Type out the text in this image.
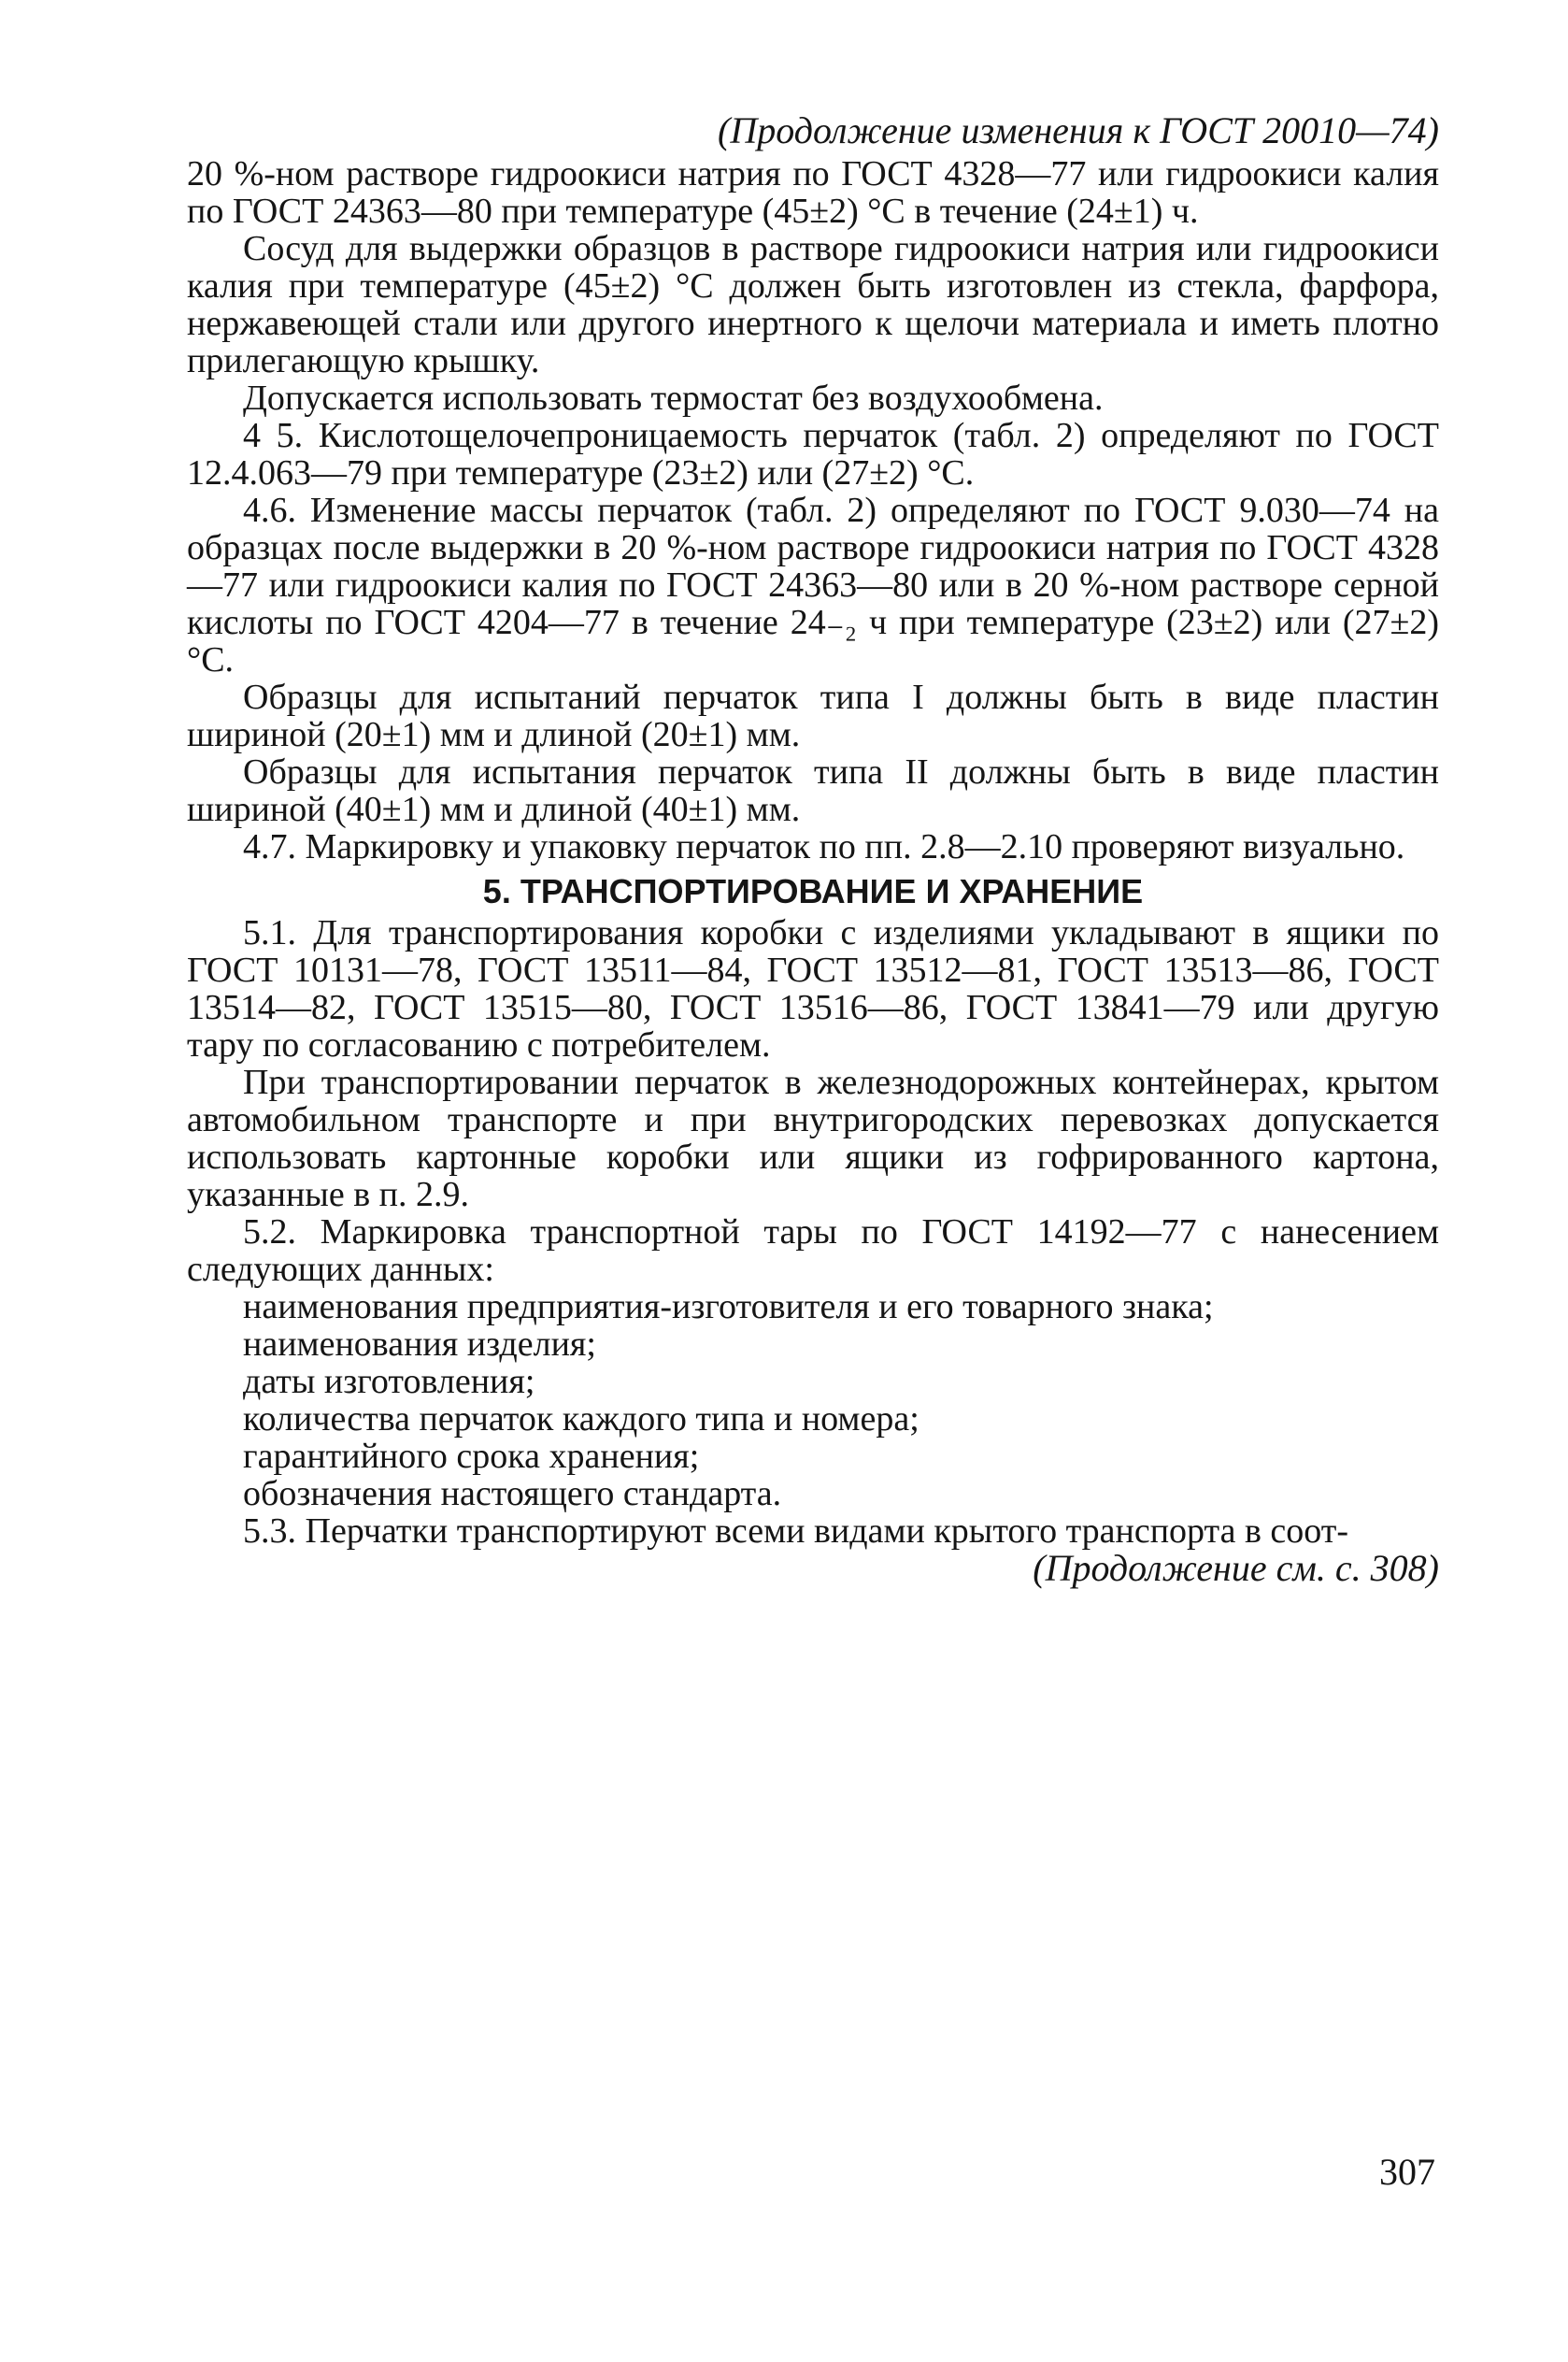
(Продолжение изменения к ГОСТ 20010—74)

20 %-ном растворе гидроокиси натрия по ГОСТ 4328—77 или гидроокиси калия по ГОСТ 24363—80 при температуре (45±2) °С в течение (24±1) ч.

Сосуд для выдержки образцов в растворе гидроокиси натрия или гидроокиси калия при температуре (45±2) °С должен быть изготовлен из стекла, фарфора, нержавеющей стали или другого инертного к щелочи материала и иметь плотно прилегающую крышку.

Допускается использовать термостат без воздухообмена.

4 5. Кислотощелочепроницаемость перчаток (табл. 2) определяют по ГОСТ 12.4.063—79 при температуре (23±2) или (27±2) °С.

4.6. Изменение массы перчаток (табл. 2) определяют по ГОСТ 9.030—74 на образцах после выдержки в 20 %-ном растворе гидроокиси натрия по ГОСТ 4328—77 или гидроокиси калия по ГОСТ 24363—80 или в 20 %-ном растворе серной кислоты по ГОСТ 4204—77 в течение 24₋₂ ч при температуре (23±2) или (27±2) °С.

Образцы для испытаний перчаток типа I должны быть в виде пластин шириной (20±1) мм и длиной (20±1) мм.

Образцы для испытания перчаток типа II должны быть в виде пластин шириной (40±1) мм и длиной (40±1) мм.

4.7. Маркировку и упаковку перчаток по пп. 2.8—2.10 проверяют визуально.

5. ТРАНСПОРТИРОВАНИЕ И ХРАНЕНИЕ

5.1. Для транспортирования коробки с изделиями укладывают в ящики по ГОСТ 10131—78, ГОСТ 13511—84, ГОСТ 13512—81, ГОСТ 13513—86, ГОСТ 13514—82, ГОСТ 13515—80, ГОСТ 13516—86, ГОСТ 13841—79 или другую тару по согласованию с потребителем.

При транспортировании перчаток в железнодорожных контейнерах, крытом автомобильном транспорте и при внутригородских перевозках допускается использовать картонные коробки или ящики из гофрированного картона, указанные в п. 2.9.

5.2. Маркировка транспортной тары по ГОСТ 14192—77 с нанесением следующих данных:

наименования предприятия-изготовителя и его товарного знака;
наименования изделия;
даты изготовления;
количества перчаток каждого типа и номера;
гарантийного срока хранения;
обозначения настоящего стандарта.

5.3. Перчатки транспортируют всеми видами крытого транспорта в соот-

(Продолжение см. с. 308)
307
